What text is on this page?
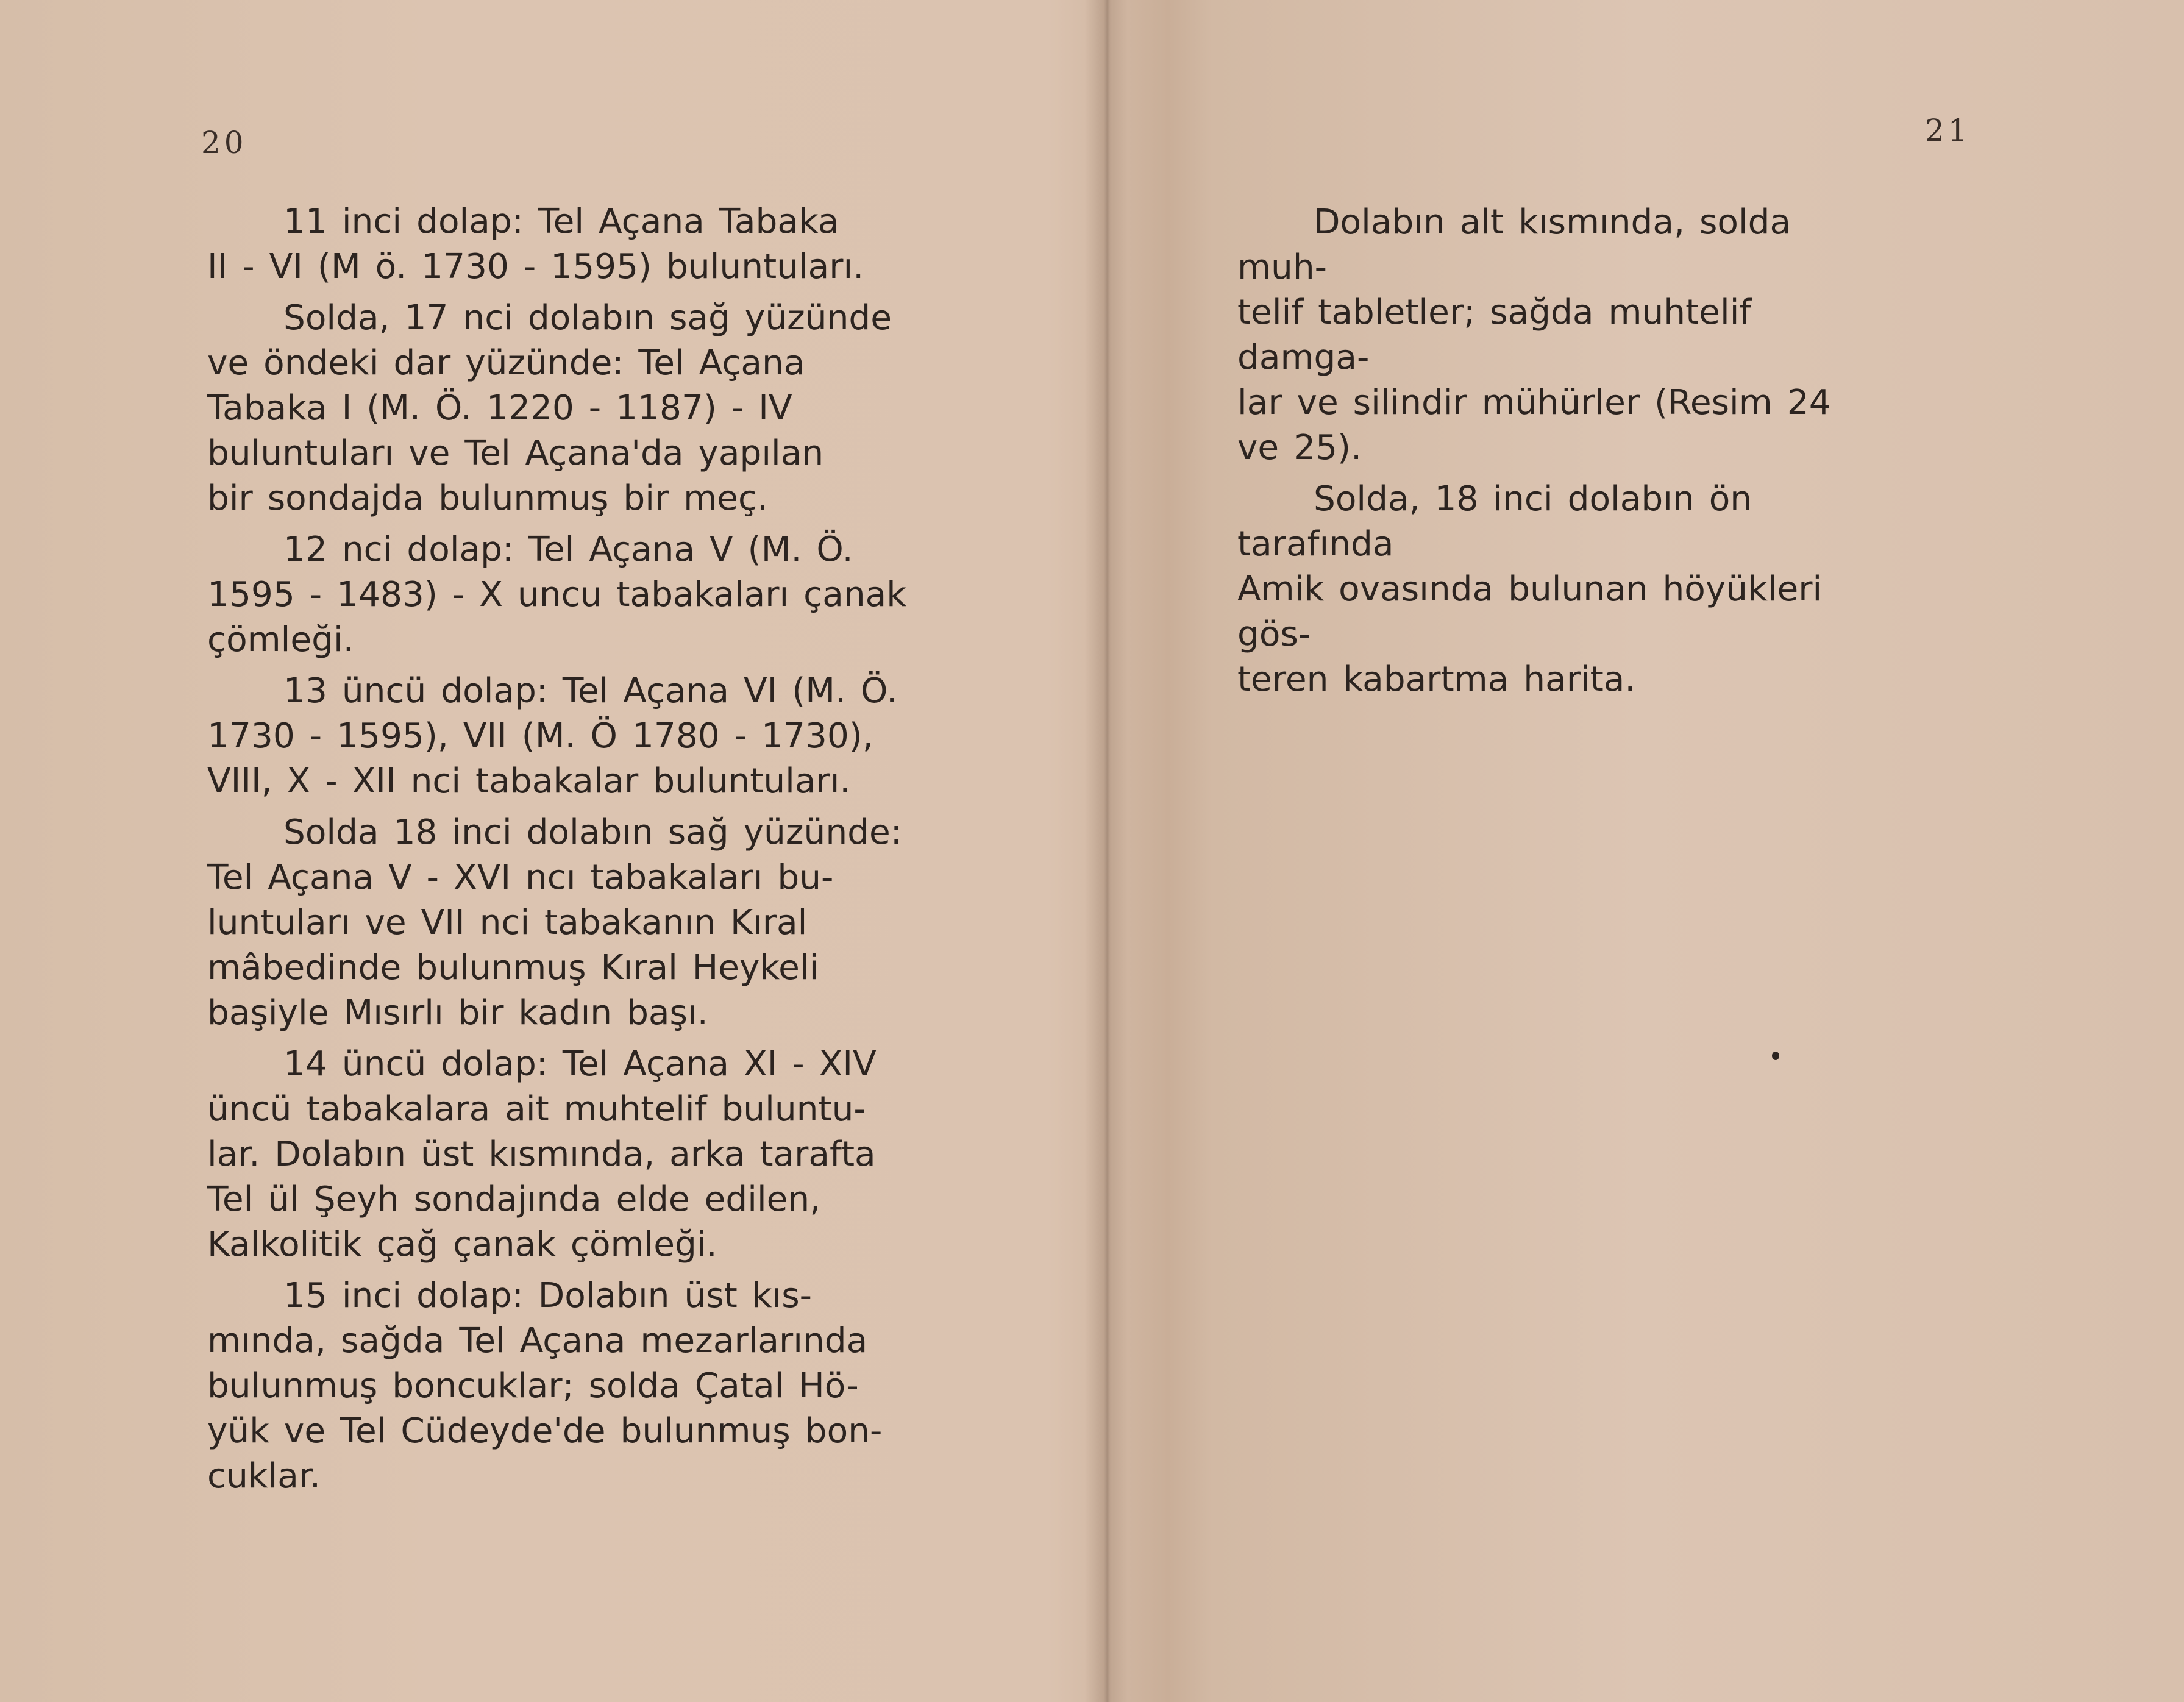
20

11 inci dolap: Tel Açana Tabaka
II - VI (M ö. 1730 - 1595) buluntuları.

Solda, 17 nci dolabın sağ yüzünde
ve öndeki dar yüzünde: Tel Açana
Tabaka I (M. Ö. 1220 - 1187) - IV
buluntuları ve Tel Açana'da yapılan
bir sondajda bulunmuş bir meç.

12 nci dolap: Tel Açana V (M. Ö.
1595 - 1483) - X uncu tabakaları çanak
çömleği.

13 üncü dolap: Tel Açana VI (M. Ö.
1730 - 1595), VII (M. Ö 1780 - 1730),
VIII, X - XII nci tabakalar buluntuları.

Solda 18 inci dolabın sağ yüzünde:
Tel Açana V - XVI ncı tabakaları bu-
luntuları ve VII nci tabakanın Kıral
mâbedinde bulunmuş Kıral Heykeli
başiyle Mısırlı bir kadın başı.

14 üncü dolap: Tel Açana XI - XIV
üncü tabakalara ait muhtelif buluntu-
lar. Dolabın üst kısmında, arka tarafta
Tel ül Şeyh sondajında elde edilen,
Kalkolitik çağ çanak çömleği.

15 inci dolap: Dolabın üst kıs-
mında, sağda Tel Açana mezarlarında
bulunmuş boncuklar; solda Çatal Hö-
yük ve Tel Cüdeyde'de bulunmuş bon-
cuklar.

21

Dolabın alt kısmında, solda muh-
telif tabletler; sağda muhtelif damga-
lar ve silindir mühürler (Resim 24
ve 25).

Solda, 18 inci dolabın ön tarafında
Amik ovasında bulunan höyükleri gös-
teren kabartma harita.
